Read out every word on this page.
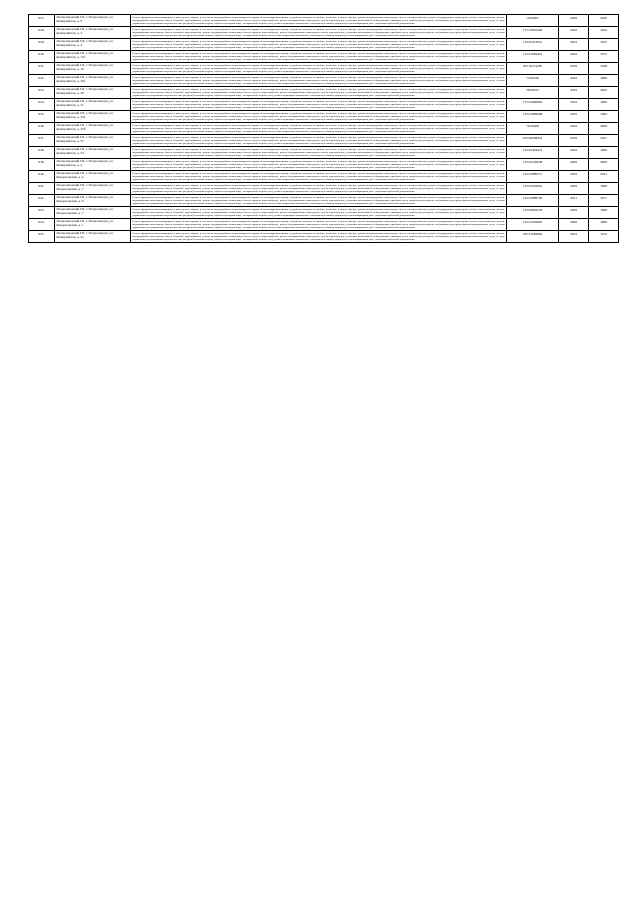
927.	Петрозаводский ГО, г. Петрозаводск, ул. Коммунистов, д. 9	Ремонт фундамента многоквартирного дома, ремонт крыши, в том числе переустройство невентилируемой крыши на вентилируемую крышу, устройство выходов на кровлю, утепление и ремонт фасада, ремонт внутридомовых инженерных систем электроснабжения, ремонт внутридомовых инженерных систем теплоснабжения, ремонт внутридомовых инженерных систем холодного водоснабжения, ремонт внутридомовых инженерных систем горячего водоснабжения, ремонт внутридомовых инженерных систем водоотведения, установка коллективных (общедомовых) приборов учета потребления ресурсов, необходимых для предоставления коммунальных услуг, и узлов управления и регулирования потребления этих ресурсов (тепловой энергии, горячей и холодной воды, электрической энергии, газа), ремонт подвальных помещений, относящихся к общему имуществу в многоквартирном доме, подготовка проектной документации	10.00001	2048	2020
928.	Петрозаводский ГО, г. Петрозаводск, ул. Коммунистов, д. 2	Ремонт фундамента многоквартирного дома, ремонт крыши, в том числе переустройство невентилируемой крыши на вентилируемую крышу, устройство выходов на кровлю, утепление и ремонт фасада, ремонт внутридомовых инженерных систем электроснабжения, ремонт внутридомовых инженерных систем теплоснабжения, ремонт внутридомовых инженерных систем холодного водоснабжения, ремонт внутридомовых инженерных систем горячего водоснабжения, ремонт внутридомовых инженерных систем водоотведения, установка коллективных (общедомовых) приборов учета потребления ресурсов, необходимых для предоставления коммунальных услуг, и узлов управления и регулирования потребления этих ресурсов (тепловой энергии, горячей и холодной воды, электрической энергии, газа), ремонт подвальных помещений, относящихся к общему имуществу в многоквартирном доме, подготовка проектной документации	175.35810440	2022	1954
929.	Петрозаводский ГО, г. Петрозаводск, ул. Коммунистов, д. 4	Ремонт фундамента многоквартирного дома, ремонт крыши, в том числе переустройство невентилируемой крыши на вентилируемую крышу, устройство выходов на кровлю, утепление и ремонт фасада, ремонт внутридомовых инженерных систем электроснабжения, ремонт внутридомовых инженерных систем теплоснабжения, ремонт внутридомовых инженерных систем холодного водоснабжения, ремонт внутридомовых инженерных систем горячего водоснабжения, ремонт внутридомовых инженерных систем водоотведения, установка коллективных (общедомовых) приборов учета потребления ресурсов, необходимых для предоставления коммунальных услуг, и узлов управления и регулирования потребления этих ресурсов (тепловой энергии, горячей и холодной воды, электрической энергии, газа), ремонт подвальных помещений, относящихся к общему имуществу в многоквартирном доме, подготовка проектной документации	119.93413931	2024	1953
930.	Петрозаводский ГО, г. Петрозаводск, ул. Коммунистов, д. 72а	Ремонт фундамента многоквартирного дома, ремонт крыши, в том числе переустройство невентилируемой крыши на вентилируемую крышу, устройство выходов на кровлю, утепление и ремонт фасада, ремонт внутридомовых инженерных систем электроснабжения, ремонт внутридомовых инженерных систем теплоснабжения, ремонт внутридомовых инженерных систем холодного водоснабжения, ремонт внутридомовых инженерных систем горячего водоснабжения, ремонт внутридомовых инженерных систем водоотведения, установка коллективных (общедомовых) приборов учета потребления ресурсов, необходимых для предоставления коммунальных услуг, и узлов управления и регулирования потребления этих ресурсов (тепловой энергии, горячей и холодной воды, электрической энергии, газа), ремонт подвальных помещений, относящихся к общему имуществу в многоквартирном доме, подготовка проектной документации	115.91984454	2024	1975
931.	Петрозаводский ГО, г. Петрозаводск, ул. Коммунистов, д. 10	Ремонт фундамента многоквартирного дома, ремонт крыши, в том числе переустройство невентилируемой крыши на вентилируемую крышу, устройство выходов на кровлю, утепление и ремонт фасада, ремонт внутридомовых инженерных систем электроснабжения, ремонт внутридомовых инженерных систем теплоснабжения, ремонт внутридомовых инженерных систем холодного водоснабжения, ремонт внутридомовых инженерных систем горячего водоснабжения, ремонт внутридомовых инженерных систем водоотведения, установка коллективных (общедомовых) приборов учета потребления ресурсов, необходимых для предоставления коммунальных услуг, и узлов управления и регулирования потребления этих ресурсов (тепловой энергии, горячей и холодной воды, электрической энергии, газа), ремонт подвальных помещений, относящихся к общему имуществу в многоквартирном доме, подготовка проектной документации	225.50114285	2018	1948
932.	Петрозаводский ГО, г. Петрозаводск, ул. Коммунистов, д. 20а	Ремонт фундамента многоквартирного дома, ремонт крыши, в том числе переустройство невентилируемой крыши на вентилируемую крышу, устройство выходов на кровлю, утепление и ремонт фасада, ремонт внутридомовых инженерных систем электроснабжения, ремонт внутридомовых инженерных систем теплоснабжения, ремонт внутридомовых инженерных систем холодного водоснабжения, ремонт внутридомовых инженерных систем горячего водоснабжения, ремонт внутридомовых инженерных систем водоотведения, установка коллективных (общедомовых) приборов учета потребления ресурсов, необходимых для предоставления коммунальных услуг, и узлов управления и регулирования потребления этих ресурсов (тепловой энергии, горячей и холодной воды, электрической энергии, газа), ремонт подвальных помещений, относящихся к общему имуществу в многоквартирном доме, подготовка проектной документации	73.90018	2043	1968
933.	Петрозаводский ГО, г. Петрозаводск, ул. Коммунистов, д. 28	Ремонт фундамента многоквартирного дома, ремонт крыши, в том числе переустройство невентилируемой крыши на вентилируемую крышу, устройство выходов на кровлю, утепление и ремонт фасада, ремонт внутридомовых инженерных систем электроснабжения, ремонт внутридомовых инженерных систем теплоснабжения, ремонт внутридомовых инженерных систем холодного водоснабжения, ремонт внутридомовых инженерных систем горячего водоснабжения, ремонт внутридомовых инженерных систем водоотведения, установка коллективных (общедомовых) приборов учета потребления ресурсов, необходимых для предоставления коммунальных услуг, и узлов управления и регулирования потребления этих ресурсов (тепловой энергии, горячей и холодной воды, электрической энергии, газа), ремонт подвальных помещений, относящихся к общему имуществу в многоквартирном доме, подготовка проектной документации	58.90013	2043	2043
934.	Петрозаводский ГО, г. Петрозаводск, ул. Коммунистов, д. 31	Ремонт фундамента многоквартирного дома, ремонт крыши, в том числе переустройство невентилируемой крыши на вентилируемую крышу, устройство выходов на кровлю, утепление и ремонт фасада, ремонт внутридомовых инженерных систем электроснабжения, ремонт внутридомовых инженерных систем теплоснабжения, ремонт внутридомовых инженерных систем холодного водоснабжения, ремонт внутридомовых инженерных систем горячего водоснабжения, ремонт внутридомовых инженерных систем водоотведения, установка коллективных (общедомовых) приборов учета потребления ресурсов, необходимых для предоставления коммунальных услуг, и узлов управления и регулирования потребления этих ресурсов (тепловой энергии, горячей и холодной воды, электрической энергии, газа), ремонт подвальных помещений, относящихся к общему имуществу в многоквартирном доме, подготовка проектной документации	175.54960864	2034	1966
935.	Петрозаводский ГО, г. Петрозаводск, ул. Коммунистов, д. 33а	Ремонт фундамента многоквартирного дома, ремонт крыши, в том числе переустройство невентилируемой крыши на вентилируемую крышу, устройство выходов на кровлю, утепление и ремонт фасада, ремонт внутридомовых инженерных систем электроснабжения, ремонт внутридомовых инженерных систем теплоснабжения, ремонт внутридомовых инженерных систем холодного водоснабжения, ремонт внутридомовых инженерных систем горячего водоснабжения, ремонт внутридомовых инженерных систем водоотведения, установка коллективных (общедомовых) приборов учета потребления ресурсов, необходимых для предоставления коммунальных услуг, и узлов управления и регулирования потребления этих ресурсов (тепловой энергии, горячей и холодной воды, электрической энергии, газа), ремонт подвальных помещений, относящихся к общему имуществу в многоквартирном доме, подготовка проектной документации	135.91899698	2032	1964
936.	Петрозаводский ГО, г. Петрозаводск, ул. Коммунистов, д. 32б	Ремонт фундамента многоквартирного дома, ремонт крыши, в том числе переустройство невентилируемой крыши на вентилируемую крышу, устройство выходов на кровлю, утепление и ремонт фасада, ремонт внутридомовых инженерных систем электроснабжения, ремонт внутридомовых инженерных систем теплоснабжения, ремонт внутридомовых инженерных систем холодного водоснабжения, ремонт внутридомовых инженерных систем горячего водоснабжения, ремонт внутридомовых инженерных систем водоотведения, установка коллективных (общедомовых) приборов учета потребления ресурсов, необходимых для предоставления коммунальных услуг, и узлов управления и регулирования потребления этих ресурсов (тепловой энергии, горячей и холодной воды, электрической энергии, газа), ремонт подвальных помещений, относящихся к общему имуществу в многоквартирном доме, подготовка проектной документации	79.50408	2044	2008
937.	Петрозаводский ГО, г. Петрозаводск, ул. Коммунистов, д. 37	Ремонт фундамента многоквартирного дома, ремонт крыши, в том числе переустройство невентилируемой крыши на вентилируемую крышу, устройство выходов на кровлю, утепление и ремонт фасада, ремонт внутридомовых инженерных систем электроснабжения, ремонт внутридомовых инженерных систем теплоснабжения, ремонт внутридомовых инженерных систем холодного водоснабжения, ремонт внутридомовых инженерных систем горячего водоснабжения, ремонт внутридомовых инженерных систем водоотведения, установка коллективных (общедомовых) приборов учета потребления ресурсов, необходимых для предоставления коммунальных услуг, и узлов управления и регулирования потребления этих ресурсов (тепловой энергии, горячей и холодной воды, электрической энергии, газа), ремонт подвальных помещений, относящихся к общему имуществу в многоквартирном доме, подготовка проектной документации	225.98588452	2018	1957
938.	Петрозаводский ГО, г. Петрозаводск, ул. Коммунистов, д. 53	Ремонт фундамента многоквартирного дома, ремонт крыши, в том числе переустройство невентилируемой крыши на вентилируемую крышу, устройство выходов на кровлю, утепление и ремонт фасада, ремонт внутридомовых инженерных систем электроснабжения, ремонт внутридомовых инженерных систем теплоснабжения, ремонт внутридомовых инженерных систем холодного водоснабжения, ремонт внутридомовых инженерных систем горячего водоснабжения, ремонт внутридомовых инженерных систем водоотведения, установка коллективных (общедомовых) приборов учета потребления ресурсов, необходимых для предоставления коммунальных услуг, и узлов управления и регулирования потребления этих ресурсов (тепловой энергии, горячей и холодной воды, электрической энергии, газа), ремонт подвальных помещений, относящихся к общему имуществу в многоквартирном доме, подготовка проектной документации	135.93404474	2024	1966
939.	Петрозаводский ГО, г. Петрозаводск, ул. Коммунистов, д. 2	Ремонт фундамента многоквартирного дома, ремонт крыши, в том числе переустройство невентилируемой крыши на вентилируемую крышу, устройство выходов на кровлю, утепление и ремонт фасада, ремонт внутридомовых инженерных систем электроснабжения, ремонт внутридомовых инженерных систем теплоснабжения, ремонт внутридомовых инженерных систем холодного водоснабжения, ремонт внутридомовых инженерных систем горячего водоснабжения, ремонт внутридомовых инженерных систем водоотведения, установка коллективных (общедомовых) приборов учета потребления ресурсов, необходимых для предоставления коммунальных услуг, и узлов управления и регулирования потребления этих ресурсов (тепловой энергии, горячей и холодной воды, электрической энергии, газа), ремонт подвальных помещений, относящихся к общему имуществу в многоквартирном доме, подготовка проектной документации	135.62540038	2008	2008
940.	Петрозаводский ГО, г. Петрозаводск, ул. Кондопожская, д. 4	Ремонт фундамента многоквартирного дома, ремонт крыши, в том числе переустройство невентилируемой крыши на вентилируемую крышу, устройство выходов на кровлю, утепление и ремонт фасада, ремонт внутридомовых инженерных систем электроснабжения, ремонт внутридомовых инженерных систем теплоснабжения, ремонт внутридомовых инженерных систем холодного водоснабжения, ремонт внутридомовых инженерных систем горячего водоснабжения, ремонт внутридомовых инженерных систем водоотведения, установка коллективных (общедомовых) приборов учета потребления ресурсов, необходимых для предоставления коммунальных услуг, и узлов управления и регулирования потребления этих ресурсов (тепловой энергии, горячей и холодной воды, электрической энергии, газа), ремонт подвальных помещений, относящихся к общему имуществу в многоквартирном доме, подготовка проектной документации	135.52889715	2039	2031
941.	Петрозаводский ГО, г. Петрозаводск, ул. Кондопожская, д. 7	Ремонт фундамента многоквартирного дома, ремонт крыши, в том числе переустройство невентилируемой крыши на вентилируемую крышу, устройство выходов на кровлю, утепление и ремонт фасада, ремонт внутридомовых инженерных систем электроснабжения, ремонт внутридомовых инженерных систем теплоснабжения, ремонт внутридомовых инженерных систем холодного водоснабжения, ремонт внутридомовых инженерных систем горячего водоснабжения, ремонт внутридомовых инженерных систем водоотведения, установка коллективных (общедомовых) приборов учета потребления ресурсов, необходимых для предоставления коммунальных услуг, и узлов управления и регулирования потребления этих ресурсов (тепловой энергии, горячей и холодной воды, электрической энергии, газа), ремонт подвальных помещений, относящихся к общему имуществу в многоквартирном доме, подготовка проектной документации	135.93302991	2028	1968
942.	Петрозаводский ГО, г. Петрозаводск, ул. Кондопожская, д. 9	Ремонт фундамента многоквартирного дома, ремонт крыши, в том числе переустройство невентилируемой крыши на вентилируемую крышу, устройство выходов на кровлю, утепление и ремонт фасада, ремонт внутридомовых инженерных систем электроснабжения, ремонт внутридомовых инженерных систем теплоснабжения, ремонт внутридомовых инженерных систем холодного водоснабжения, ремонт внутридомовых инженерных систем горячего водоснабжения, ремонт внутридомовых инженерных систем водоотведения, установка коллективных (общедомовых) приборов учета потребления ресурсов, необходимых для предоставления коммунальных услуг, и узлов управления и регулирования потребления этих ресурсов (тепловой энергии, горячей и холодной воды, электрической энергии, газа), ремонт подвальных помещений, относящихся к общему имуществу в многоквартирном доме, подготовка проектной документации	135.52889703	2021	1971
943.	Петрозаводский ГО, г. Петрозаводск, ул. Кондопожская, д. 7	Ремонт фундамента многоквартирного дома, ремонт крыши, в том числе переустройство невентилируемой крыши на вентилируемую крышу, устройство выходов на кровлю, утепление и ремонт фасада, ремонт внутридомовых инженерных систем электроснабжения, ремонт внутридомовых инженерных систем теплоснабжения, ремонт внутридомовых инженерных систем холодного водоснабжения, ремонт внутридомовых инженерных систем горячего водоснабжения, ремонт внутридомовых инженерных систем водоотведения, установка коллективных (общедомовых) приборов учета потребления ресурсов, необходимых для предоставления коммунальных услуг, и узлов управления и регулирования потребления этих ресурсов (тепловой энергии, горячей и холодной воды, электрической энергии, газа), ремонт подвальных помещений, относящихся к общему имуществу в многоквартирном доме, подготовка проектной документации	135.92892578	2028	1968
944.	Петрозаводский ГО, г. Петрозаводск, ул. Кондопожская, д. 1	Ремонт фундамента многоквартирного дома, ремонт крыши, в том числе переустройство невентилируемой крыши на вентилируемую крышу, устройство выходов на кровлю, утепление и ремонт фасада, ремонт внутридомовых инженерных систем электроснабжения, ремонт внутридомовых инженерных систем теплоснабжения, ремонт внутридомовых инженерных систем холодного водоснабжения, ремонт внутридомовых инженерных систем горячего водоснабжения, ремонт внутридомовых инженерных систем водоотведения, установка коллективных (общедомовых) приборов учета потребления ресурсов, необходимых для предоставления коммунальных услуг, и узлов управления и регулирования потребления этих ресурсов (тепловой энергии, горячей и холодной воды, электрической энергии, газа), ремонт подвальных помещений, относящихся к общему имуществу в многоквартирном доме, подготовка проектной документации	135.52592665	2008	1968
945.	Петрозаводский ГО, г. Петрозаводск, ул. Коммунистов, д. 2а	Ремонт фундамента многоквартирного дома, ремонт крыши, в том числе переустройство невентилируемой крыши на вентилируемую крышу, устройство выходов на кровлю, утепление и ремонт фасада, ремонт внутридомовых инженерных систем электроснабжения, ремонт внутридомовых инженерных систем теплоснабжения, ремонт внутридомовых инженерных систем холодного водоснабжения, ремонт внутридомовых инженерных систем горячего водоснабжения, ремонт внутридомовых инженерных систем водоотведения, установка коллективных (общедомовых) приборов учета потребления ресурсов, необходимых для предоставления коммунальных услуг, и узлов управления и регулирования потребления этих ресурсов (тепловой энергии, горячей и холодной воды, электрической энергии, газа), ремонт подвальных помещений, относящихся к общему имуществу в многоквартирном доме, подготовка проектной документации	195.54582892	2024	1974
